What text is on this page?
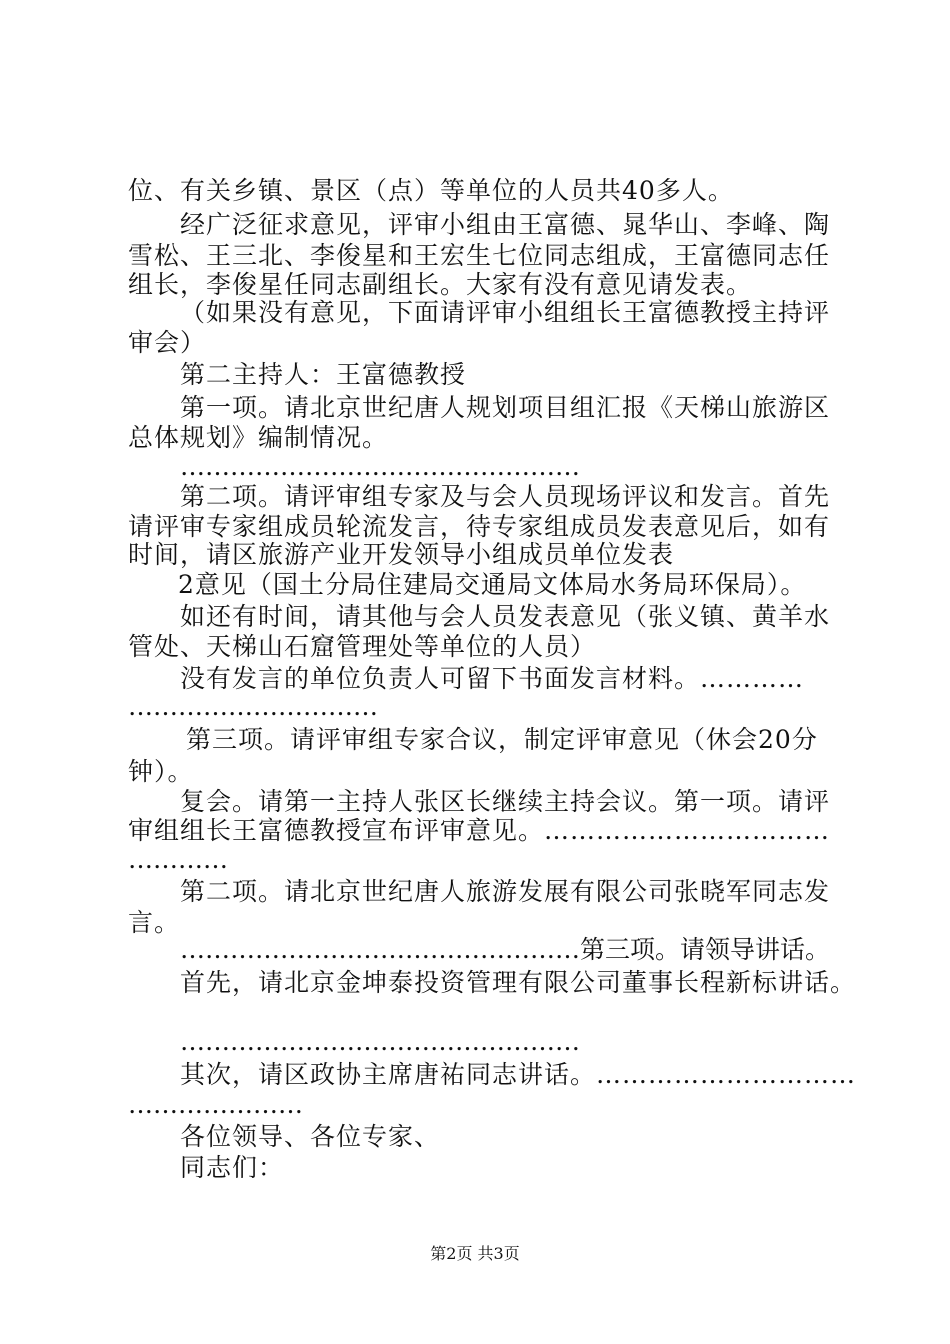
位、有关乡镇、景区（点）等单位的人员共40多人。
经广泛征求意见，评审小组由王富德、晁华山、李峰、陶
雪松、王三北、李俊星和王宏生七位同志组成，王富德同志任
组长，李俊星任同志副组长。大家有没有意见请发表。
（如果没有意见，下面请评审小组组长王富德教授主持评
审会）
第二主持人：王富德教授
第一项。请北京世纪唐人规划项目组汇报《天梯山旅游区
总体规划》编制情况。
…………………………………………
第二项。请评审组专家及与会人员现场评议和发言。首先
请评审专家组成员轮流发言，待专家组成员发表意见后，如有
时间，请区旅游产业开发领导小组成员单位发表
2意见（国土分局住建局交通局文体局水务局环保局）。
如还有时间，请其他与会人员发表意见（张义镇、黄羊水
管处、天梯山石窟管理处等单位的人员）
没有发言的单位负责人可留下书面发言材料。…………
…………………………
第三项。请评审组专家合议，制定评审意见（休会20分
钟）。
复会。请第一主持人张区长继续主持会议。第一项。请评
审组组长王富德教授宣布评审意见。……………………………
…………
第二项。请北京世纪唐人旅游发展有限公司张晓军同志发
言。
…………………………………………第三项。请领导讲话。
首先，请北京金坤泰投资管理有限公司董事长程新标讲话。
…………………………………………
其次，请区政协主席唐祐同志讲话。…………………………
…………………
各位领导、各位专家、
同志们：
第2页 共3页
